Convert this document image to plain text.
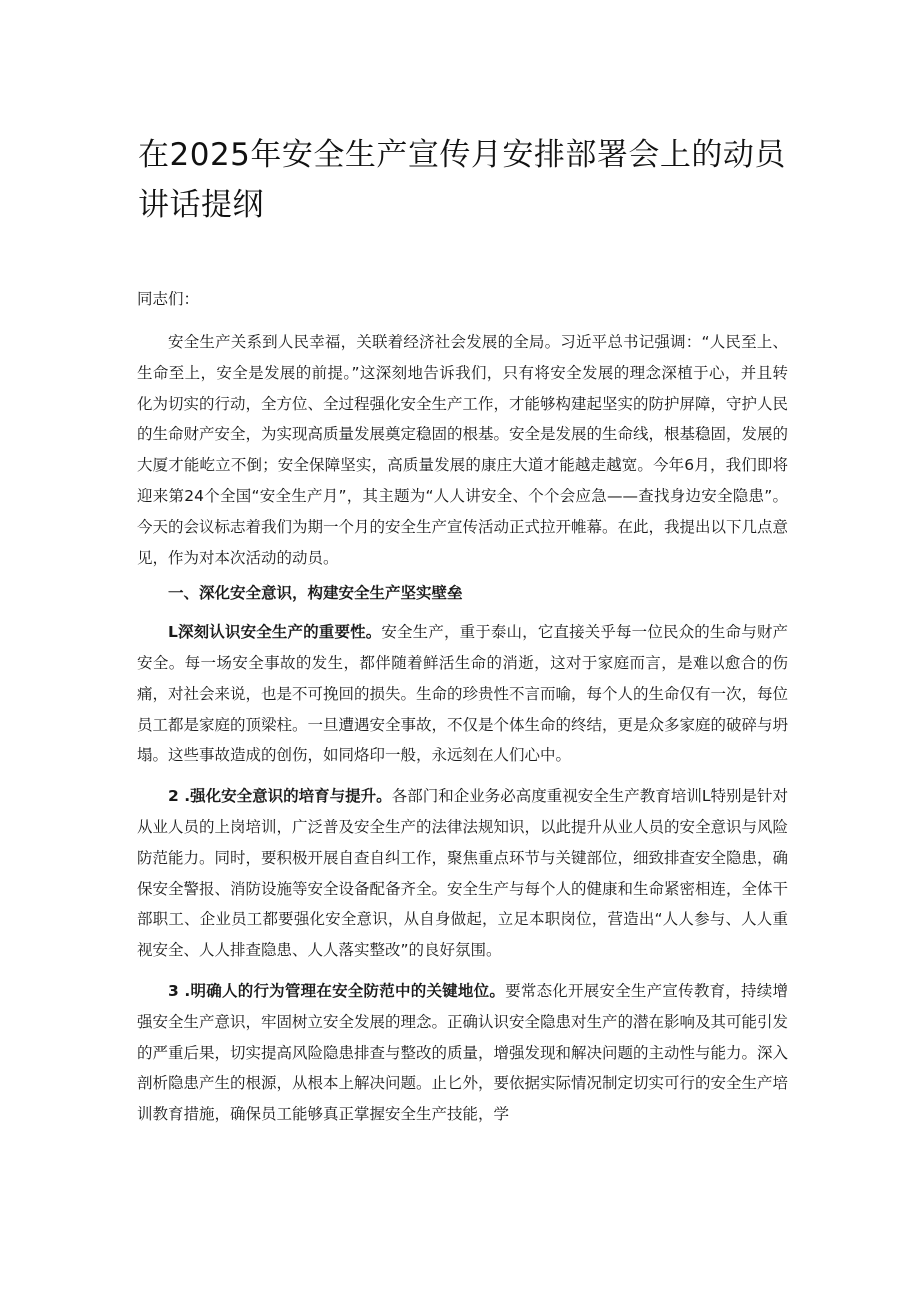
在2025年安全生产宣传月安排部署会上的动员讲话提纲

同志们：

安全生产关系到人民幸福，关联着经济社会发展的全局。习近平总书记强调：“人民至上、生命至上，安全是发展的前提。”这深刻地告诉我们，只有将安全发展的理念深植于心，并且转化为切实的行动，全方位、全过程强化安全生产工作，才能够构建起坚实的防护屏障，守护人民的生命财产安全，为实现高质量发展奠定稳固的根基。安全是发展的生命线，根基稳固，发展的大厦才能屹立不倒；安全保障坚实，高质量发展的康庄大道才能越走越宽。今年6月，我们即将迎来第24个全国“安全生产月”，其主题为“人人讲安全、个个会应急——查找身边安全隐患”。今天的会议标志着我们为期一个月的安全生产宣传活动正式拉开帷幕。在此，我提出以下几点意见，作为对本次活动的动员。

一、深化安全意识，构建安全生产坚实壁垒

L深刻认识安全生产的重要性。安全生产，重于泰山，它直接关乎每一位民众的生命与财产安全。每一场安全事故的发生，都伴随着鲜活生命的消逝，这对于家庭而言，是难以愈合的伤痛，对社会来说，也是不可挽回的损失。生命的珍贵性不言而喻，每个人的生命仅有一次，每位员工都是家庭的顶梁柱。一旦遭遇安全事故，不仅是个体生命的终结，更是众多家庭的破碎与坍塌。这些事故造成的创伤，如同烙印一般，永远刻在人们心中。

2 .强化安全意识的培育与提升。各部门和企业务必高度重视安全生产教育培训L特别是针对从业人员的上岗培训，广泛普及安全生产的法律法规知识，以此提升从业人员的安全意识与风险防范能力。同时，要积极开展自查自纠工作，聚焦重点环节与关键部位，细致排查安全隐患，确保安全警报、消防设施等安全设备配备齐全。安全生产与每个人的健康和生命紧密相连，全体干部职工、企业员工都要强化安全意识，从自身做起，立足本职岗位，营造出“人人参与、人人重视安全、人人排查隐患、人人落实整改”的良好氛围。

3 .明确人的行为管理在安全防范中的关键地位。要常态化开展安全生产宣传教育，持续增强安全生产意识，牢固树立安全发展的理念。正确认识安全隐患对生产的潜在影响及其可能引发的严重后果，切实提高风险隐患排查与整改的质量，增强发现和解决问题的主动性与能力。深入剖析隐患产生的根源，从根本上解决问题。止匕外，要依据实际情况制定切实可行的安全生产培训教育措施，确保员工能够真正掌握安全生产技能，学
